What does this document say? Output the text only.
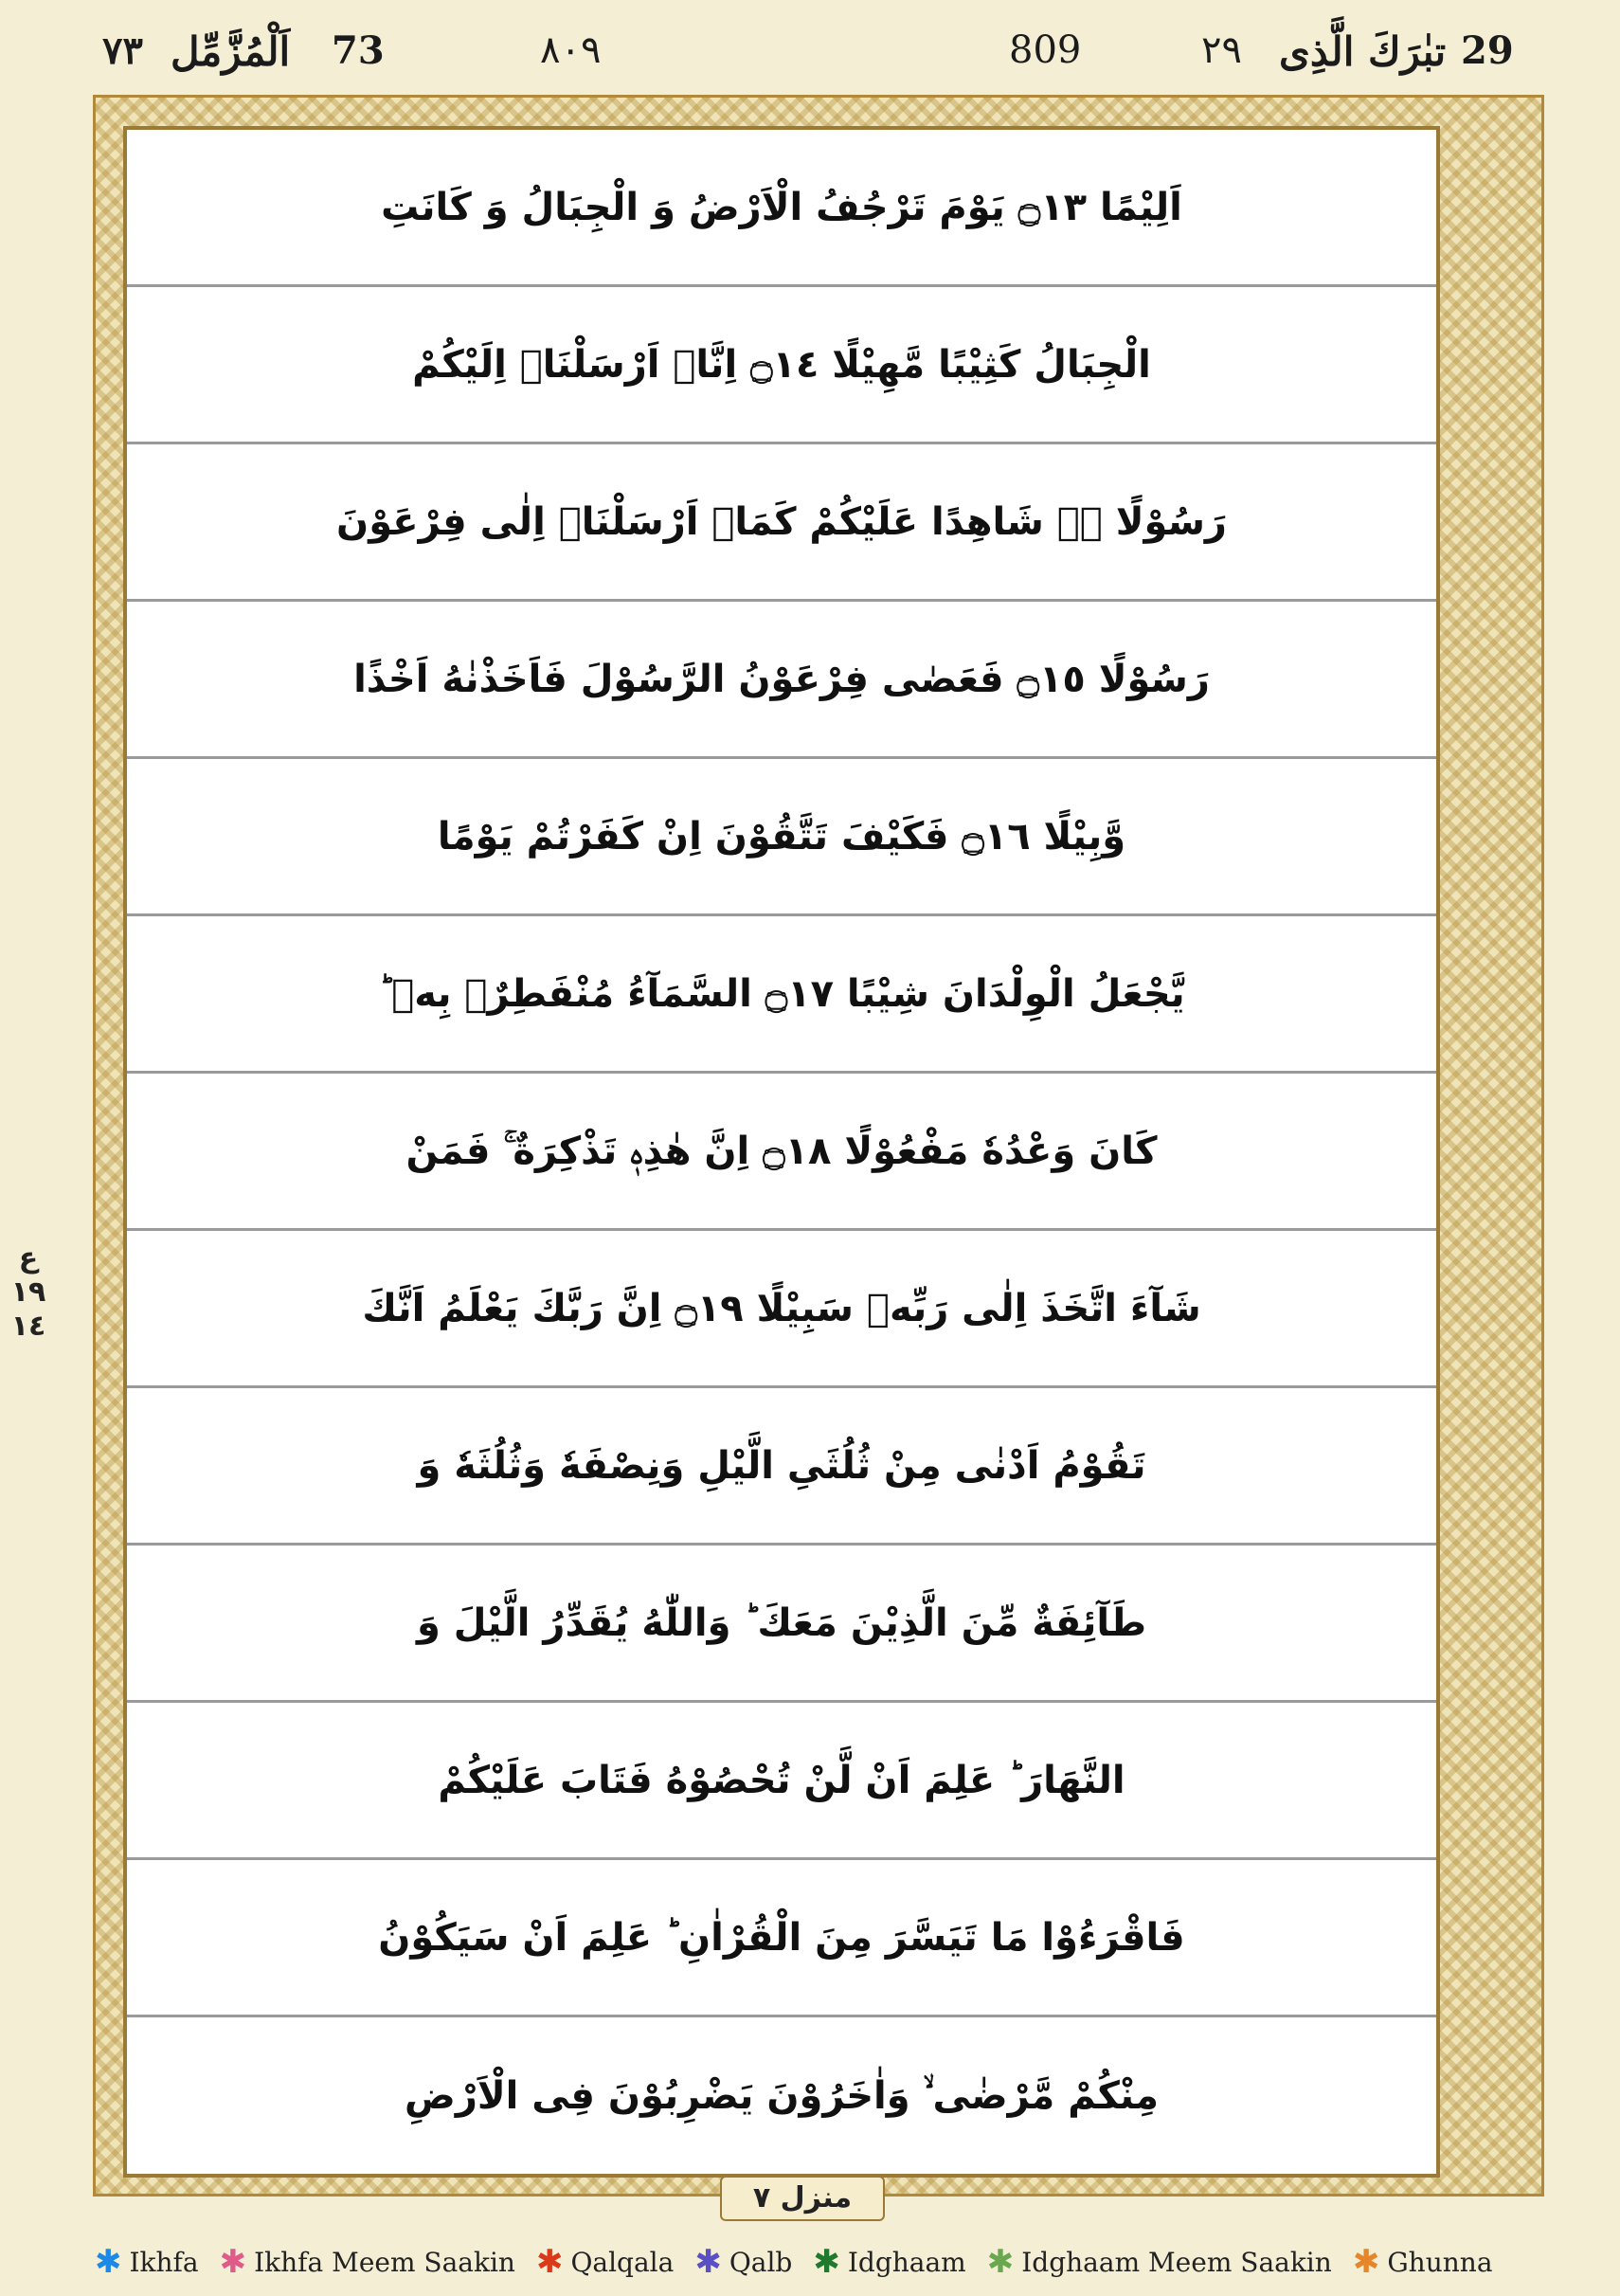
٧٣ اَلْمُزَّمِّل 73	٨٠٩	809	٢٩ تبٰرَكَ الَّذِی 29
اَلِیْمًا ۝١٣ یَوْمَ تَرْجُفُ الْاَرْضُ وَ الْجِبَالُ وَ كَانَتِ
الْجِبَالُ كَثِیْبًا مَّهِیْلًا ۝١٤ اِنَّاۤ اَرْسَلْنَاۤ اِلَیْكُمْ
رَسُوْلًا ۙ۬ شَاهِدًا عَلَیْكُمْ كَمَاۤ اَرْسَلْنَاۤ اِلٰی فِرْعَوْنَ
رَسُوْلًا ۝١٥ فَعَصٰی فِرْعَوْنُ الرَّسُوْلَ فَاَخَذْنٰهُ اَخْذًا
وَّبِیْلًا ۝١٦ فَكَیْفَ تَتَّقُوْنَ اِنْ كَفَرْتُمْ یَوْمًا
یَّجْعَلُ الْوِلْدَانَ شِیْبًا ۝١٧ السَّمَآءُ مُنْفَطِرٌۢ بِهٖ ؕ
كَانَ وَعْدُهٗ مَفْعُوْلًا ۝١٨ اِنَّ هٰذِهٖ تَذْكِرَةٌ ۚ فَمَنْ
شَآءَ اتَّخَذَ اِلٰی رَبِّهٖ سَبِیْلًا ۝١٩ اِنَّ رَبَّكَ یَعْلَمُ اَنَّكَ
تَقُوْمُ اَدْنٰی مِنْ ثُلُثَیِ الَّیْلِ وَنِصْفَهٗ وَثُلُثَهٗ وَ
طَآئِفَةٌ مِّنَ الَّذِیْنَ مَعَكَ ؕ وَاللّٰهُ یُقَدِّرُ الَّیْلَ وَ
النَّهَارَ ؕ عَلِمَ اَنْ لَّنْ تُحْصُوْهُ فَتَابَ عَلَیْكُمْ
فَاقْرَءُوْا مَا تَیَسَّرَ مِنَ الْقُرْاٰنِ ؕ عَلِمَ اَنْ سَیَكُوْنُ
مِنْكُمْ مَّرْضٰی ۙ وَاٰخَرُوْنَ یَضْرِبُوْنَ فِی الْاَرْضِ
ع
١٩
١٤
منزل ٧
✱ Ikhfa ✱ Ikhfa Meem Saakin ✱ Qalqala ✱ Qalb ✱ Idghaam ✱ Idghaam Meem Saakin ✱ Ghunna
